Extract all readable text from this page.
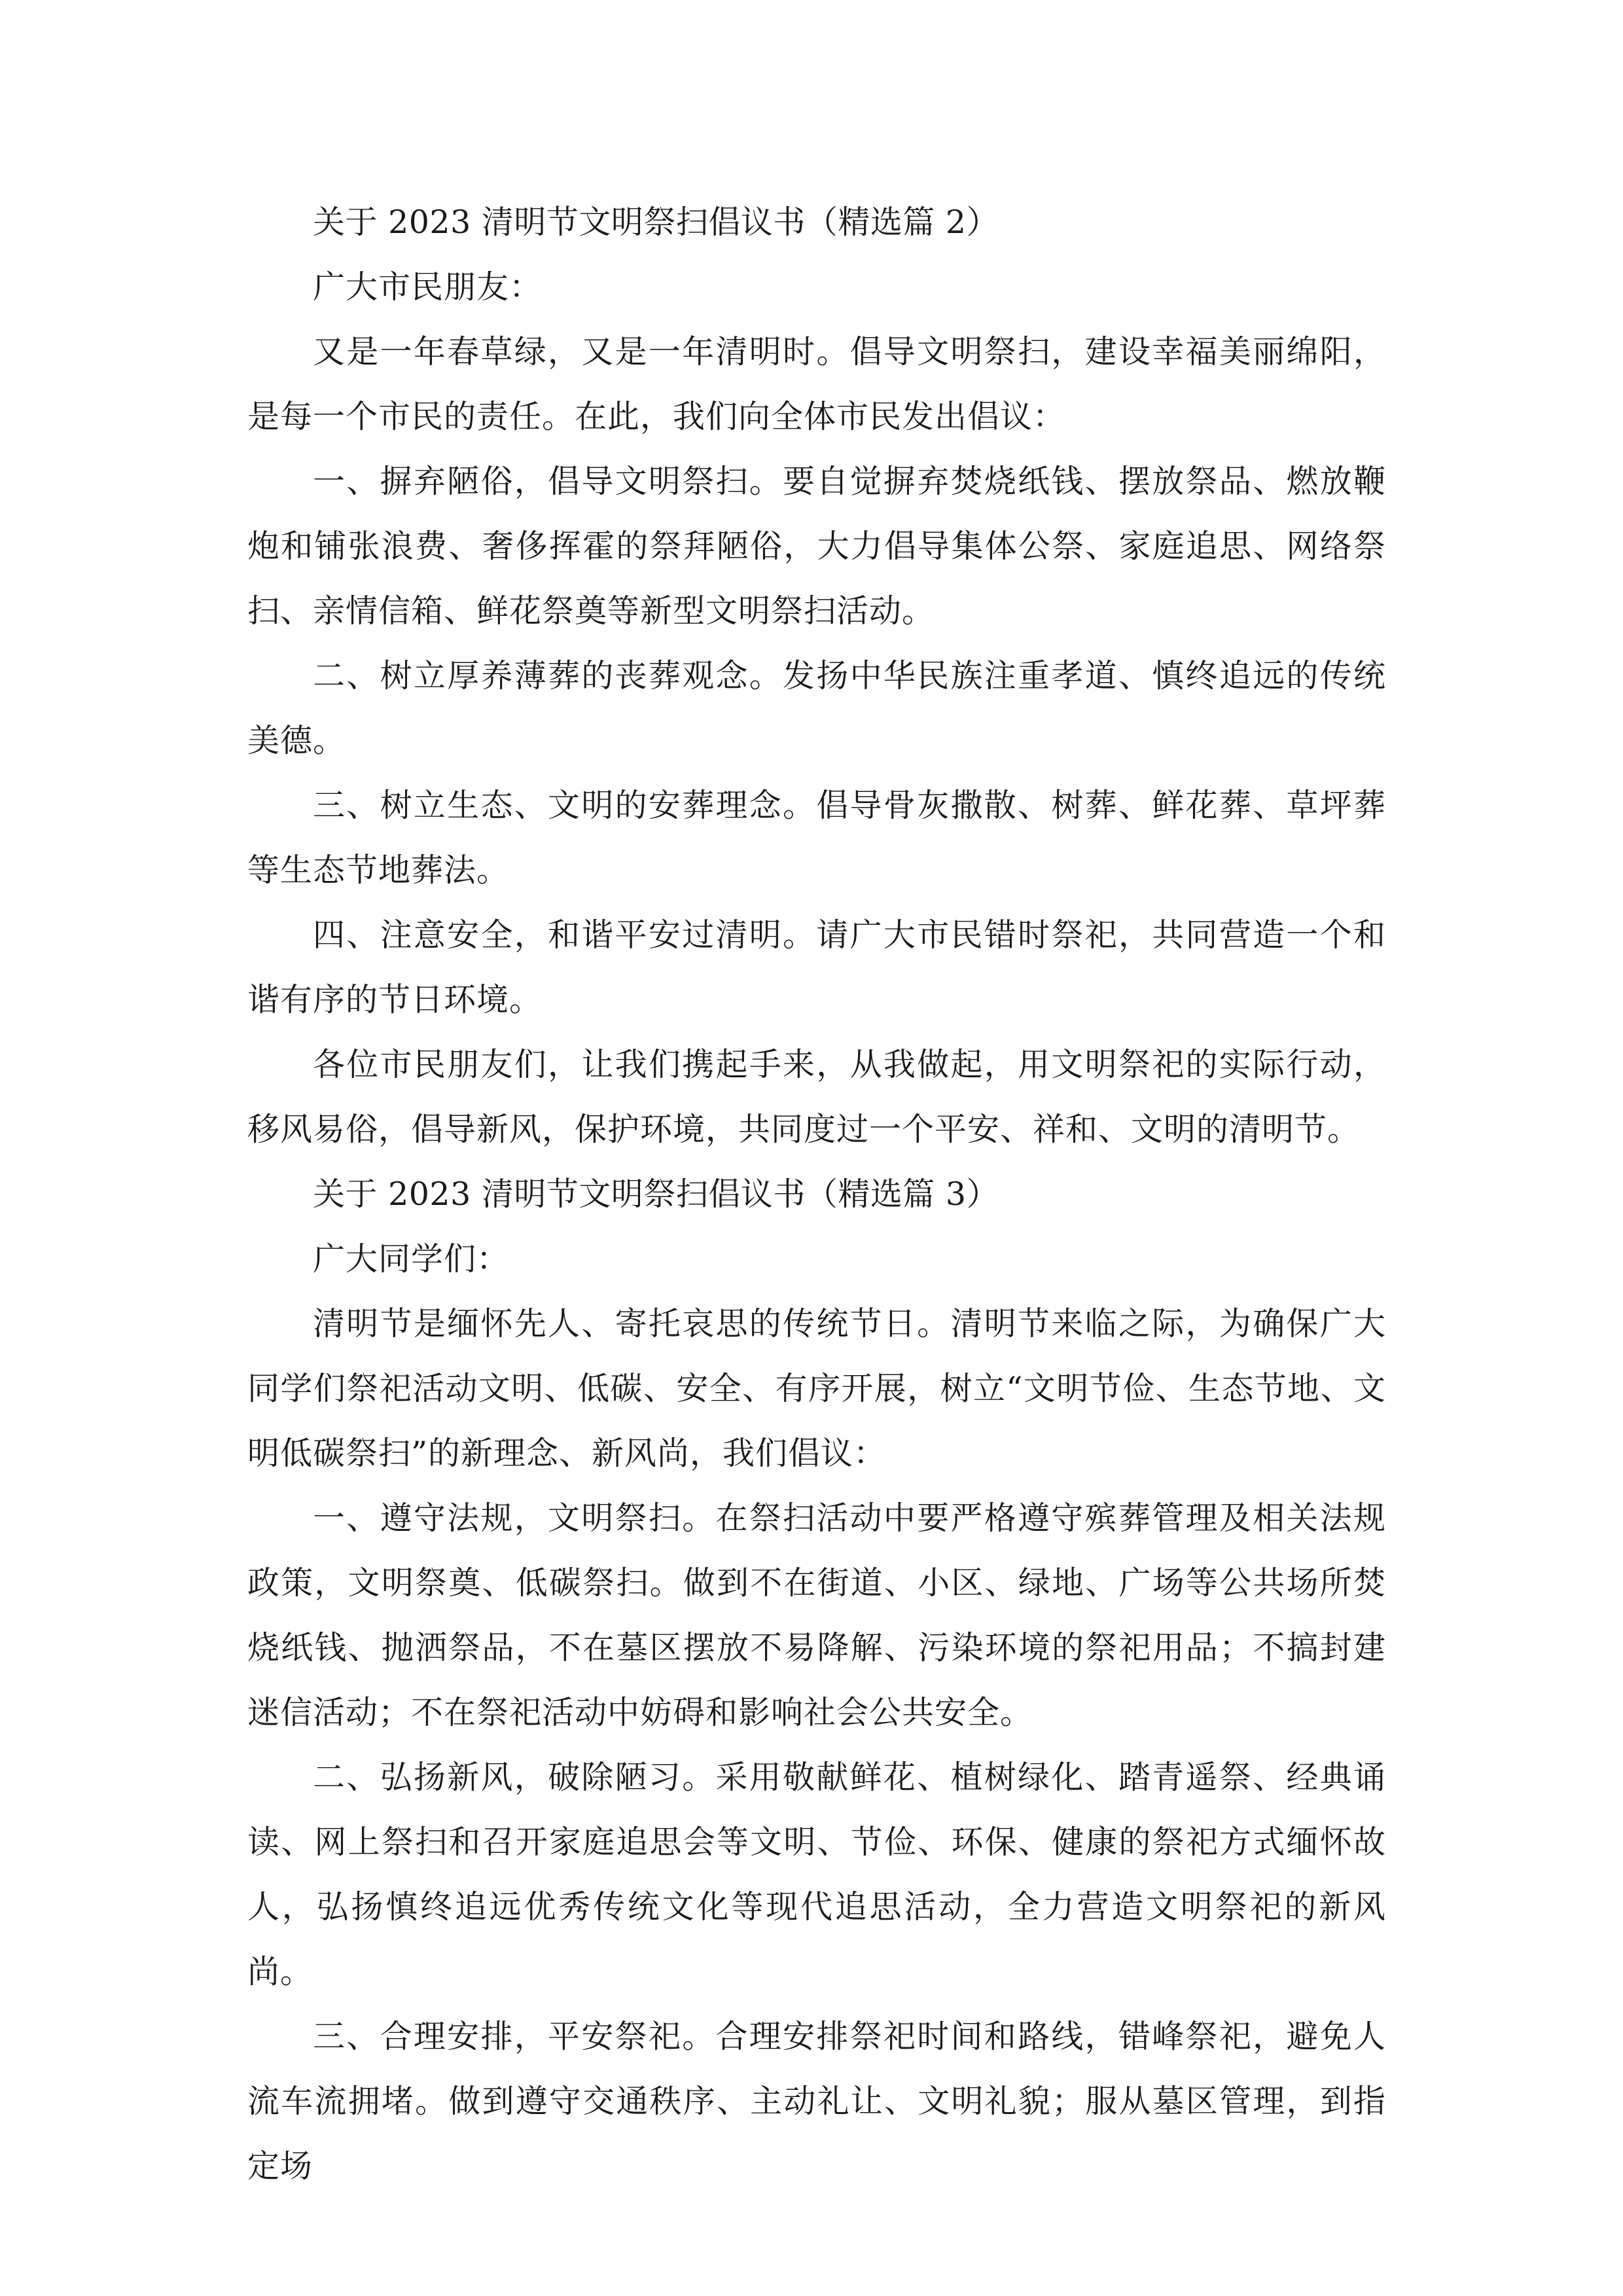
关于 2023 清明节文明祭扫倡议书（精选篇 2）

广大市民朋友：

又是一年春草绿，又是一年清明时。倡导文明祭扫，建设幸福美丽绵阳，是每一个市民的责任。在此，我们向全体市民发出倡议：

一、摒弃陋俗，倡导文明祭扫。要自觉摒弃焚烧纸钱、摆放祭品、燃放鞭炮和铺张浪费、奢侈挥霍的祭拜陋俗，大力倡导集体公祭、家庭追思、网络祭扫、亲情信箱、鲜花祭奠等新型文明祭扫活动。

二、树立厚养薄葬的丧葬观念。发扬中华民族注重孝道、慎终追远的传统美德。

三、树立生态、文明的安葬理念。倡导骨灰撒散、树葬、鲜花葬、草坪葬等生态节地葬法。

四、注意安全，和谐平安过清明。请广大市民错时祭祀，共同营造一个和谐有序的节日环境。

各位市民朋友们，让我们携起手来，从我做起，用文明祭祀的实际行动，移风易俗，倡导新风，保护环境，共同度过一个平安、祥和、文明的清明节。

关于 2023 清明节文明祭扫倡议书（精选篇 3）

广大同学们：

清明节是缅怀先人、寄托哀思的传统节日。清明节来临之际，为确保广大同学们祭祀活动文明、低碳、安全、有序开展，树立“文明节俭、生态节地、文明低碳祭扫”的新理念、新风尚，我们倡议：

一、遵守法规，文明祭扫。在祭扫活动中要严格遵守殡葬管理及相关法规政策，文明祭奠、低碳祭扫。做到不在街道、小区、绿地、广场等公共场所焚烧纸钱、抛洒祭品，不在墓区摆放不易降解、污染环境的祭祀用品；不搞封建迷信活动；不在祭祀活动中妨碍和影响社会公共安全。

二、弘扬新风，破除陋习。采用敬献鲜花、植树绿化、踏青遥祭、经典诵读、网上祭扫和召开家庭追思会等文明、节俭、环保、健康的祭祀方式缅怀故人，弘扬慎终追远优秀传统文化等现代追思活动，全力营造文明祭祀的新风尚。

三、合理安排，平安祭祀。合理安排祭祀时间和路线，错峰祭祀，避免人流车流拥堵。做到遵守交通秩序、主动礼让、文明礼貌；服从墓区管理，到指定场
